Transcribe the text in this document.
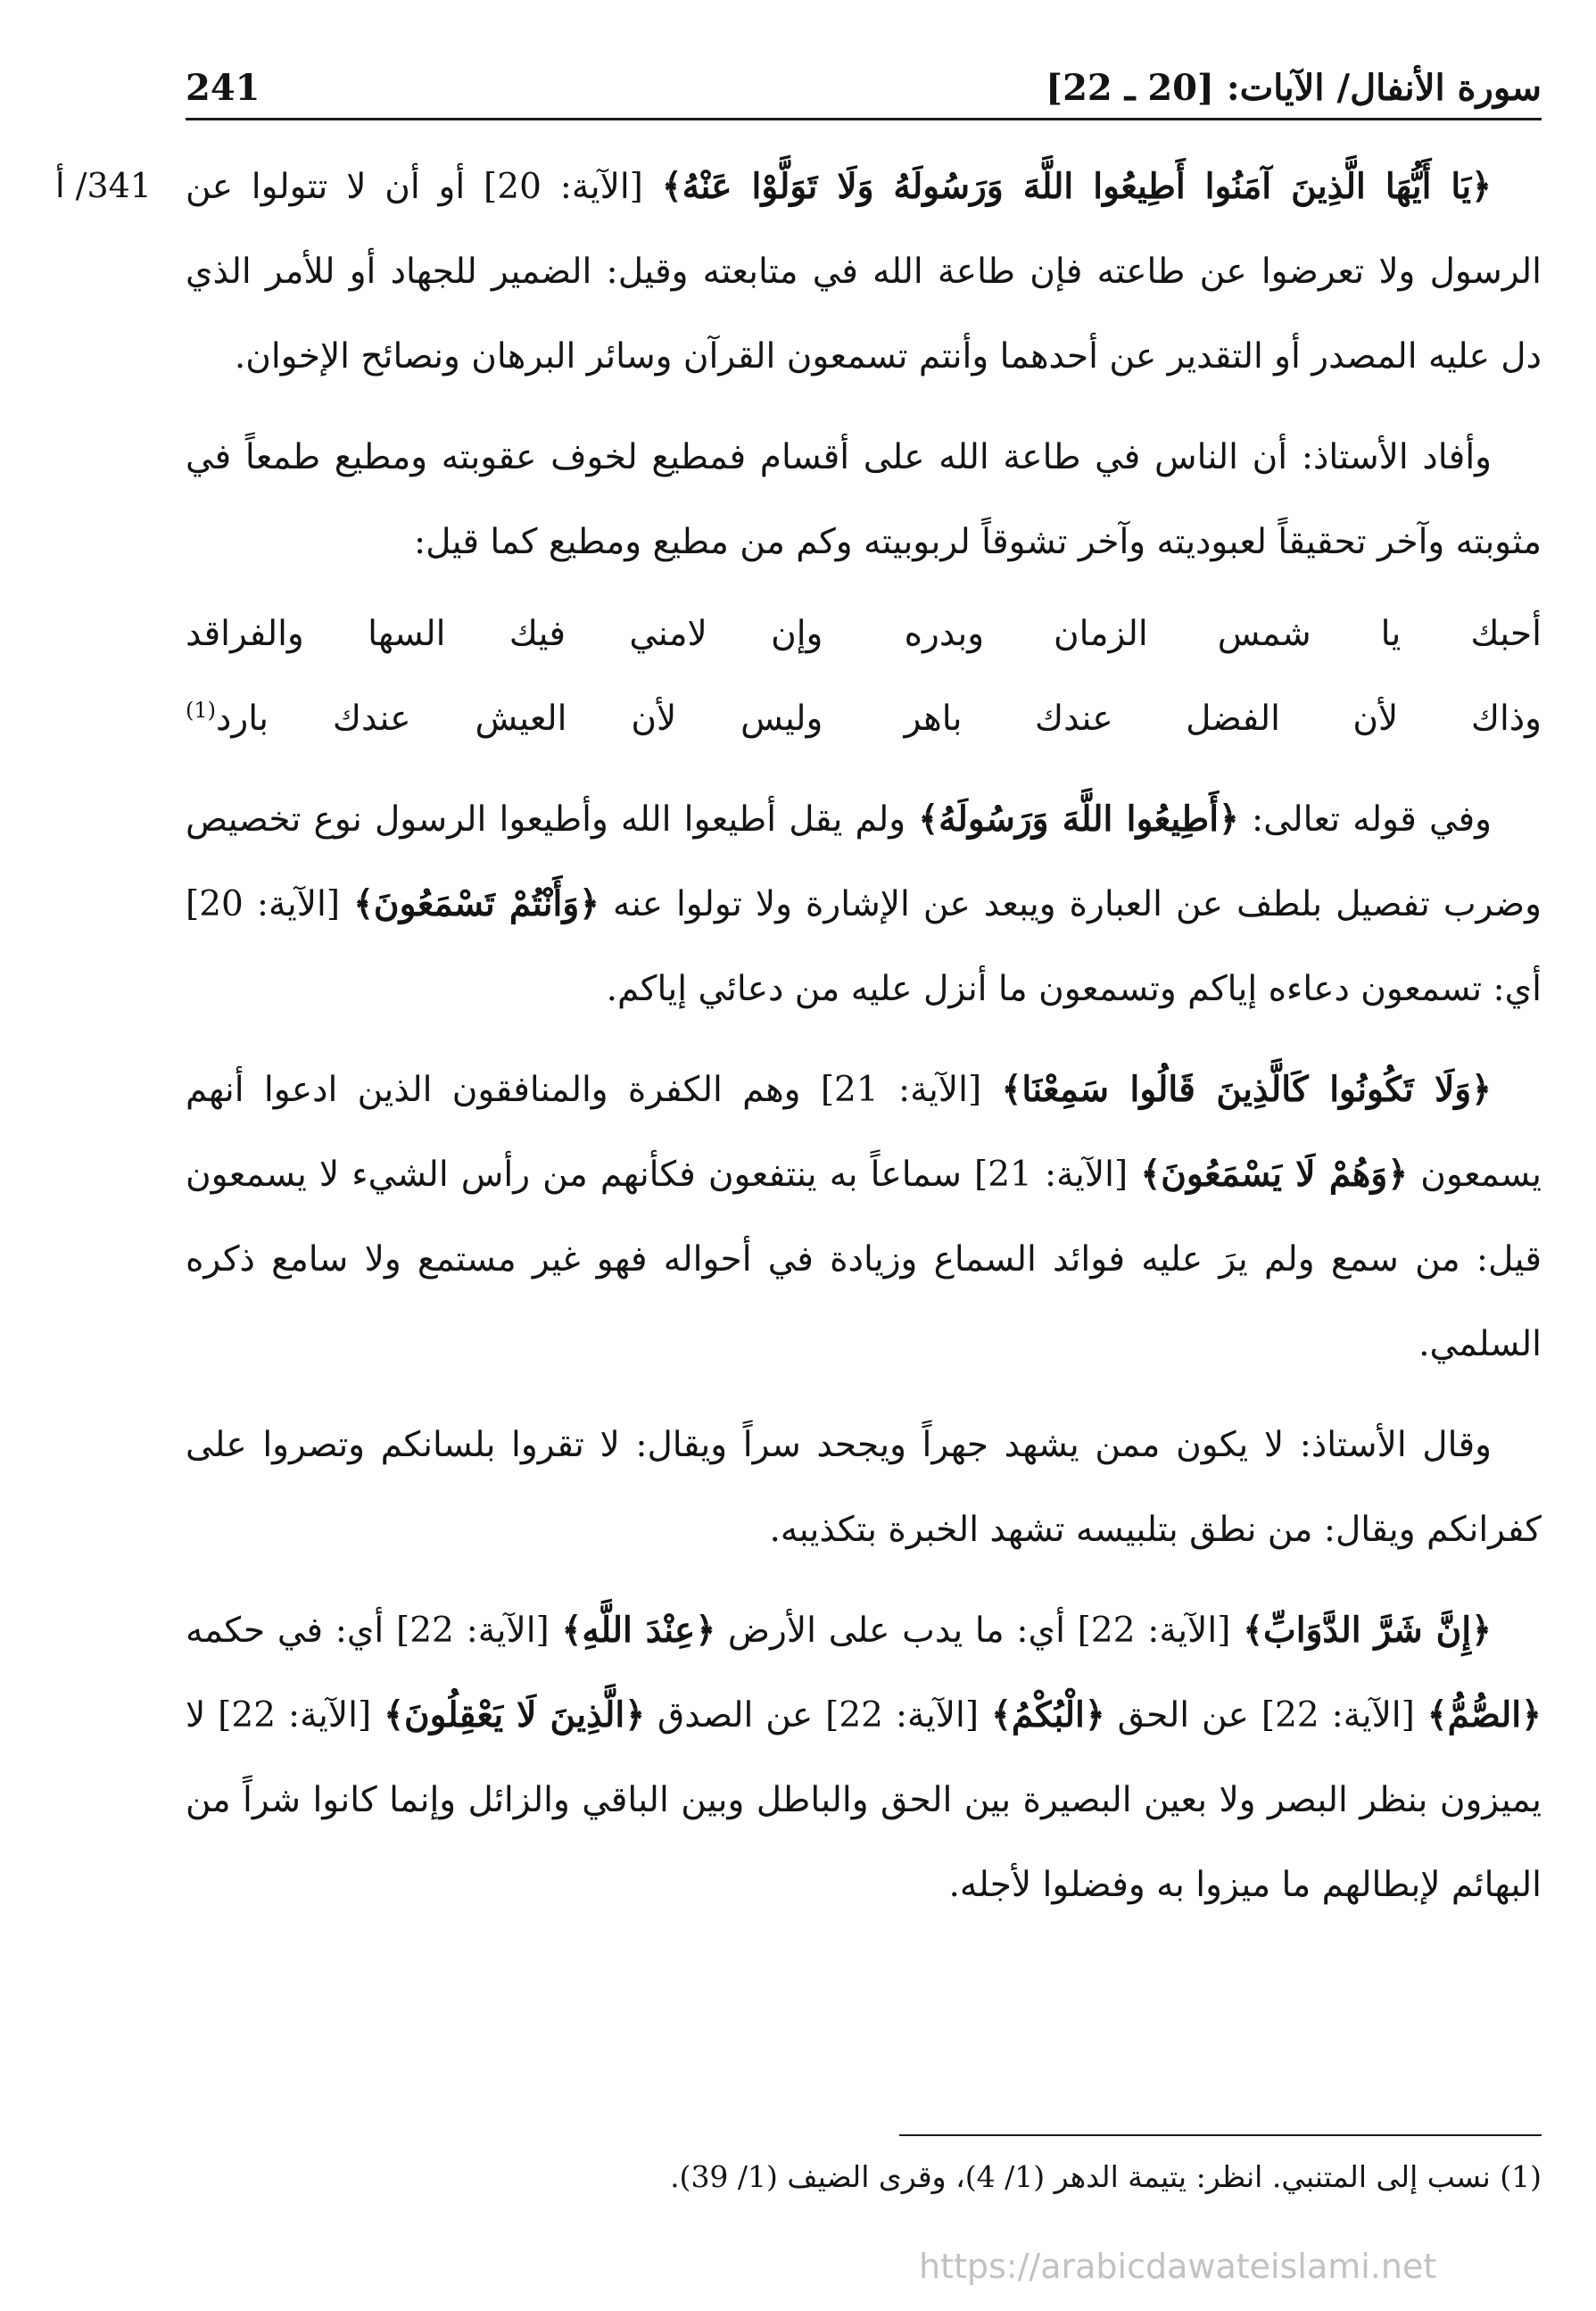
241	سورة الأنفال/ الآيات: [20 ـ 22]
341/ أ	﴿يَا أَيُّهَا الَّذِينَ آمَنُوا أَطِيعُوا اللَّهَ وَرَسُولَهُ وَلَا تَوَلَّوْا عَنْهُ﴾ [الآية: 20] أو أن لا تتولوا عن الرسول ولا تعرضوا عن طاعته فإن طاعة الله في متابعته وقيل: الضمير للجهاد أو للأمر الذي دل عليه المصدر أو التقدير عن أحدهما وأنتم تسمعون القرآن وسائر البرهان ونصائح الإخوان.

وأفاد الأستاذ: أن الناس في طاعة الله على أقسام فمطيع لخوف عقوبته ومطيع طمعاً في مثوبته وآخر تحقيقاً لعبوديته وآخر تشوقاً لربوبيته وكم من مطيع ومطيع كما قيل:

أحبك يا شمس الزمان وبدره
وإن لامني فيك السها والفراقد
وذاك لأن الفضل عندك باهر
وليس لأن العيش عندك بارد$^{(1)}$

وفي قوله تعالى: ﴿أَطِيعُوا اللَّهَ وَرَسُولَهُ﴾ ولم يقل أطيعوا الله وأطيعوا الرسول نوع تخصيص وضرب تفصيل بلطف عن العبارة ويبعد عن الإشارة ولا تولوا عنه ﴿وَأَنْتُمْ تَسْمَعُونَ﴾ [الآية: 20] أي: تسمعون دعاءه إياكم وتسمعون ما أنزل عليه من دعائي إياكم.

﴿وَلَا تَكُونُوا كَالَّذِينَ قَالُوا سَمِعْنَا﴾ [الآية: 21] وهم الكفرة والمنافقون الذين ادعوا أنهم يسمعون ﴿وَهُمْ لَا يَسْمَعُونَ﴾ [الآية: 21] سماعاً به ينتفعون فكأنهم من رأس الشيء لا يسمعون قيل: من سمع ولم يرَ عليه فوائد السماع وزيادة في أحواله فهو غير مستمع ولا سامع ذكره السلمي.

وقال الأستاذ: لا يكون ممن يشهد جهراً ويجحد سراً ويقال: لا تقروا بلسانكم وتصروا على كفرانكم ويقال: من نطق بتلبيسه تشهد الخبرة بتكذيبه.

﴿إِنَّ شَرَّ الدَّوَابِّ﴾ [الآية: 22] أي: ما يدب على الأرض ﴿عِنْدَ اللَّهِ﴾ [الآية: 22] أي: في حكمه ﴿الصُّمُّ﴾ [الآية: 22] عن الحق ﴿الْبُكْمُ﴾ [الآية: 22] عن الصدق ﴿الَّذِينَ لَا يَعْقِلُونَ﴾ [الآية: 22] لا يميزون بنظر البصر ولا بعين البصيرة بين الحق والباطل وبين الباقي والزائل وإنما كانوا شراً من البهائم لإبطالهم ما ميزوا به وفضلوا لأجله.

(1) نسب إلى المتنبي. انظر: يتيمة الدهر (1/ 4)، وقرى الضيف (1/ 39).
https://arabicdawateislami.net
